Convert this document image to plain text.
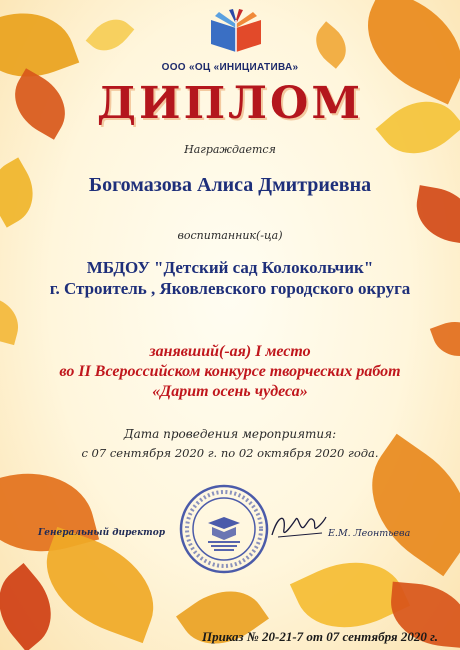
ООО «ОЦ «ИНИЦИАТИВА»
ДИПЛОМ
Награждается
Богомазова Алиса Дмитриевна
воспитанник(-ца)
МБДОУ "Детский сад Колокольчик"
г. Строитель , Яковлевского городского округа
занявший(-ая) I место
во II Всероссийском конкурсе творческих работ
«Дарит осень чудеса»
Дата проведения мероприятия:
с 07 сентября 2020 г. по 02 октября 2020 года.
Генеральный директор	Е.М. Леонтьева
Приказ № 20-21-7 от 07 сентября 2020 г.
